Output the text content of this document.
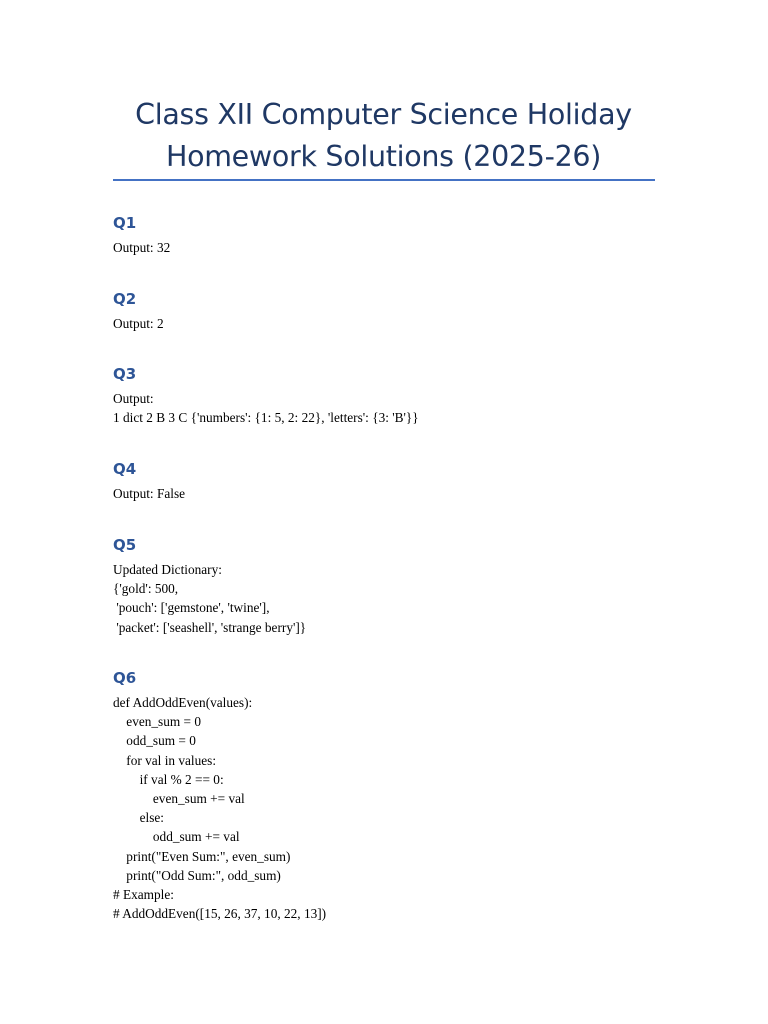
Class XII Computer Science Holiday
Homework Solutions (2025-26)
Q1
Output: 32
Q2
Output: 2
Q3
Output:
1 dict 2 B 3 C {'numbers': {1: 5, 2: 22}, 'letters': {3: 'B'}}
Q4
Output: False
Q5
Updated Dictionary:
{'gold': 500,
'pouch': ['gemstone', 'twine'],
'packet': ['seashell', 'strange berry']}
Q6
def AddOddEven(values):
even_sum = 0
odd_sum = 0
for val in values:
if val % 2 == 0:
even_sum += val
else:
odd_sum += val
print("Even Sum:", even_sum)
print("Odd Sum:", odd_sum)
# Example:
# AddOddEven([15, 26, 37, 10, 22, 13])
